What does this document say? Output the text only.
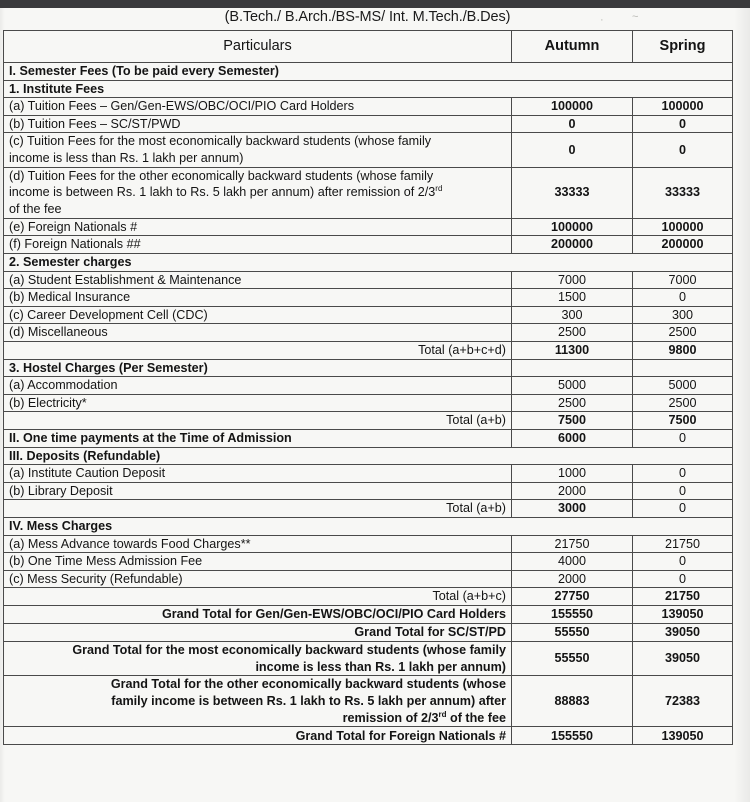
(B.Tech./ B.Arch./BS-MS/ Int. M.Tech./B.Des)	·	~
Particulars	Autumn	Spring
I. Semester Fees (To be paid every Semester)		
1. Institute Fees		
(a) Tuition Fees – Gen/Gen-EWS/OBC/OCI/PIO Card Holders	100000	100000
(b) Tuition Fees – SC/ST/PWD	0	0

(c) Tuition Fees for the most economically backward students (whose family
income is less than Rs. 1 lakh per annum)	0	0

(d) Tuition Fees for the other economically backward students (whose family
income is between Rs. 1 lakh to Rs. 5 lakh per annum) after remission of 2/3rd
of the fee	33333	33333
(e) Foreign Nationals #	100000	100000
(f) Foreign Nationals ##	200000	200000
2. Semester charges		
(a) Student Establishment & Maintenance	7000	7000
(b) Medical Insurance	1500	0
(c) Career Development Cell (CDC)	300	300
(d) Miscellaneous	2500	2500
Total (a+b+c+d)	11300	9800
3. Hostel Charges (Per Semester)		
(a) Accommodation	5000	5000
(b) Electricity*	2500	2500
Total (a+b)	7500	7500
II. One time payments at the Time of Admission	6000	0
III. Deposits (Refundable)		
(a) Institute Caution Deposit	1000	0
(b) Library Deposit	2000	0
Total (a+b)	3000	0
IV. Mess Charges		
(a) Mess Advance towards Food Charges**	21750	21750
(b) One Time Mess Admission Fee	4000	0
(c) Mess Security (Refundable)	2000	0
Total (a+b+c)	27750	21750
Grand Total for Gen/Gen-EWS/OBC/OCI/PIO Card Holders	155550	139050
Grand Total for SC/ST/PD	55550	39050

Grand Total for the most economically backward students (whose family
income is less than Rs. 1 lakh per annum)	55550	39050

Grand Total for the other economically backward students (whose
family income is between Rs. 1 lakh to Rs. 5 lakh per annum) after
remission of 2/3rd of the fee	88883	72383
Grand Total for Foreign Nationals #	155550	139050
